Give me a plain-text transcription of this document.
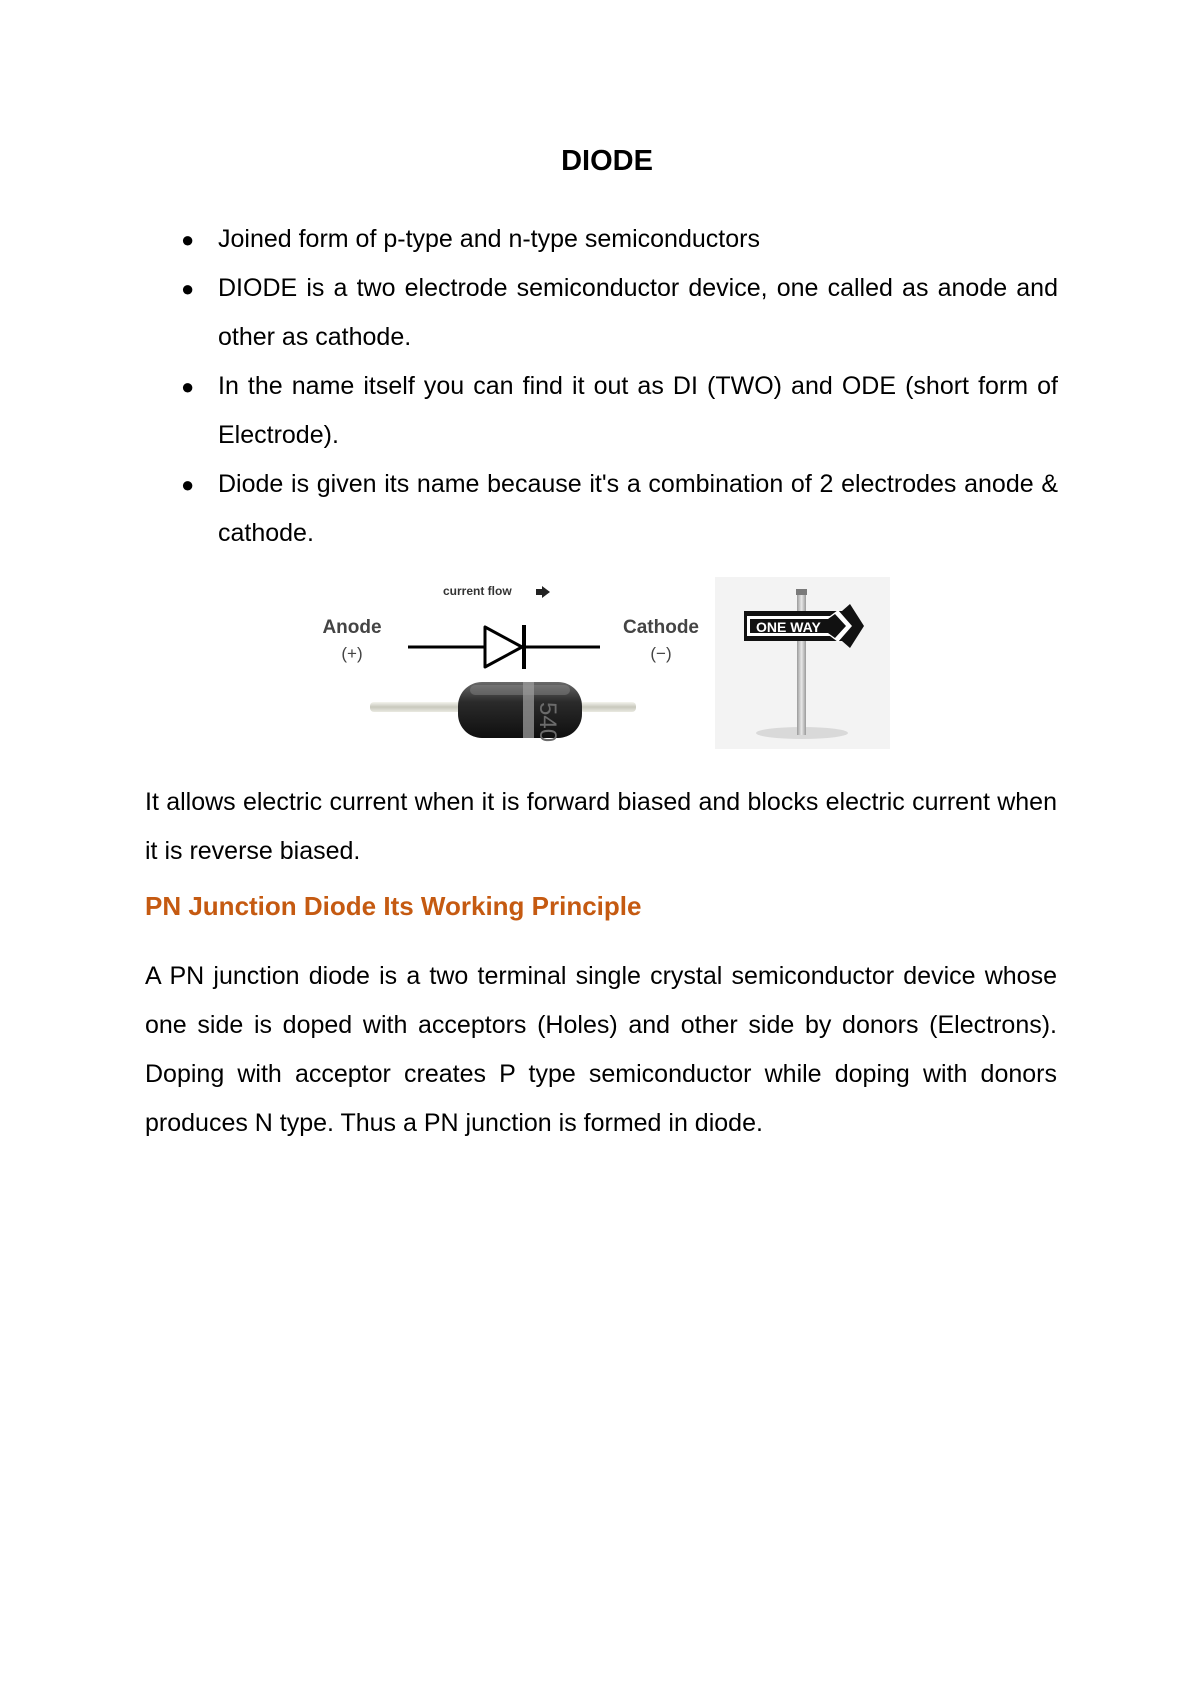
DIODE
● Joined form of p-type and n-type semiconductors
● DIODE is a two electrode semiconductor device, one called as anode and other as cathode.
● In the name itself you can find it out as DI (TWO) and ODE (short form of Electrode).
● Diode is given its name because it's a combination of 2 electrodes anode & cathode.
current flow
Anode
(+)
Cathode
(−)
540 MIC
ONE WAY

It allows electric current when it is forward biased and blocks electric current when it is reverse biased.

PN Junction Diode Its Working Principle

A PN junction diode is a two terminal single crystal semiconductor device whose one side is doped with acceptors (Holes) and other side by donors (Electrons). Doping with acceptor creates P type semiconductor while doping with donors produces N type. Thus a PN junction is formed in diode.
